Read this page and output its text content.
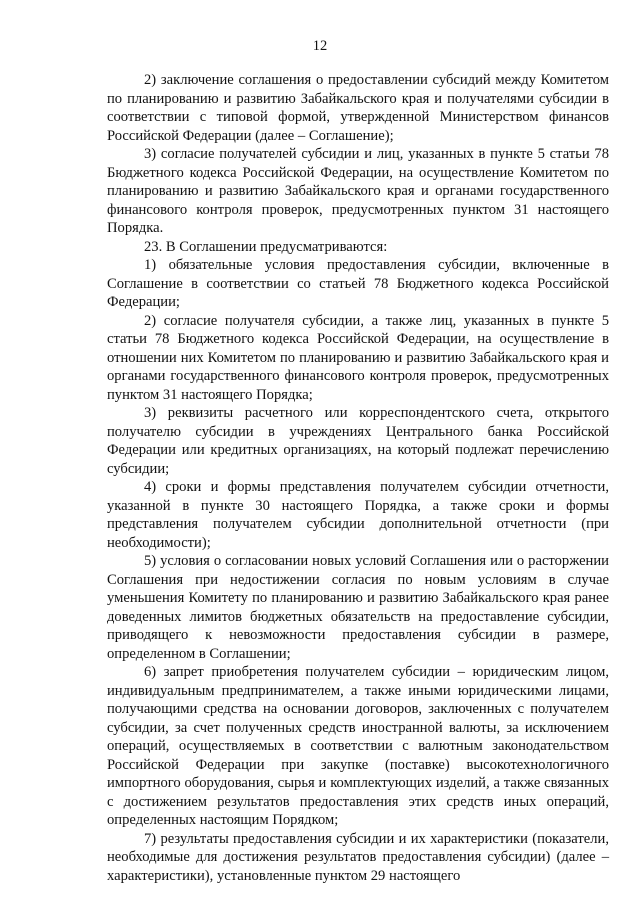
12

2) заключение соглашения о предоставлении субсидий между Комитетом по планированию и развитию Забайкальского края и получателями субсидии в соответствии с типовой формой, утвержденной Министерством финансов Российской Федерации (далее – Соглашение);

3) согласие получателей субсидии и лиц, указанных в пункте 5 статьи 78 Бюджетного кодекса Российской Федерации, на осуществление Комитетом по планированию и развитию Забайкальского края и органами государственного финансового контроля проверок, предусмотренных пунктом 31 настоящего Порядка.

23. В Соглашении предусматриваются:

1) обязательные условия предоставления субсидии, включенные в Соглашение в соответствии со статьей 78 Бюджетного кодекса Российской Федерации;

2) согласие получателя субсидии, а также лиц, указанных в пункте 5 статьи 78 Бюджетного кодекса Российской Федерации, на осуществление в отношении них Комитетом по планированию и развитию Забайкальского края и органами государственного финансового контроля проверок, предусмотренных пунктом 31 настоящего Порядка;

3) реквизиты расчетного или корреспондентского счета, открытого получателю субсидии в учреждениях Центрального банка Российской Федерации или кредитных организациях, на который подлежат перечислению субсидии;

4) сроки и формы представления получателем субсидии отчетности, указанной в пункте 30 настоящего Порядка, а также сроки и формы представления получателем субсидии дополнительной отчетности (при необходимости);

5) условия о согласовании новых условий Соглашения или о расторжении Соглашения при недостижении согласия по новым условиям в случае уменьшения Комитету по планированию и развитию Забайкальского края ранее доведенных лимитов бюджетных обязательств на предоставление субсидии, приводящего к невозможности предоставления субсидии в размере, определенном в Соглашении;

6) запрет приобретения получателем субсидии – юридическим лицом, индивидуальным предпринимателем, а также иными юридическими лицами, получающими средства на основании договоров, заключенных с получателем субсидии, за счет полученных средств иностранной валюты, за исключением операций, осуществляемых в соответствии с валютным законодательством Российской Федерации при закупке (поставке) высокотехнологичного импортного оборудования, сырья и комплектующих изделий, а также связанных с достижением результатов предоставления этих средств иных операций, определенных настоящим Порядком;

7) результаты предоставления субсидии и их характеристики (показатели, необходимые для достижения результатов предоставления субсидии) (далее – характеристики), установленные пунктом 29 настоящего
